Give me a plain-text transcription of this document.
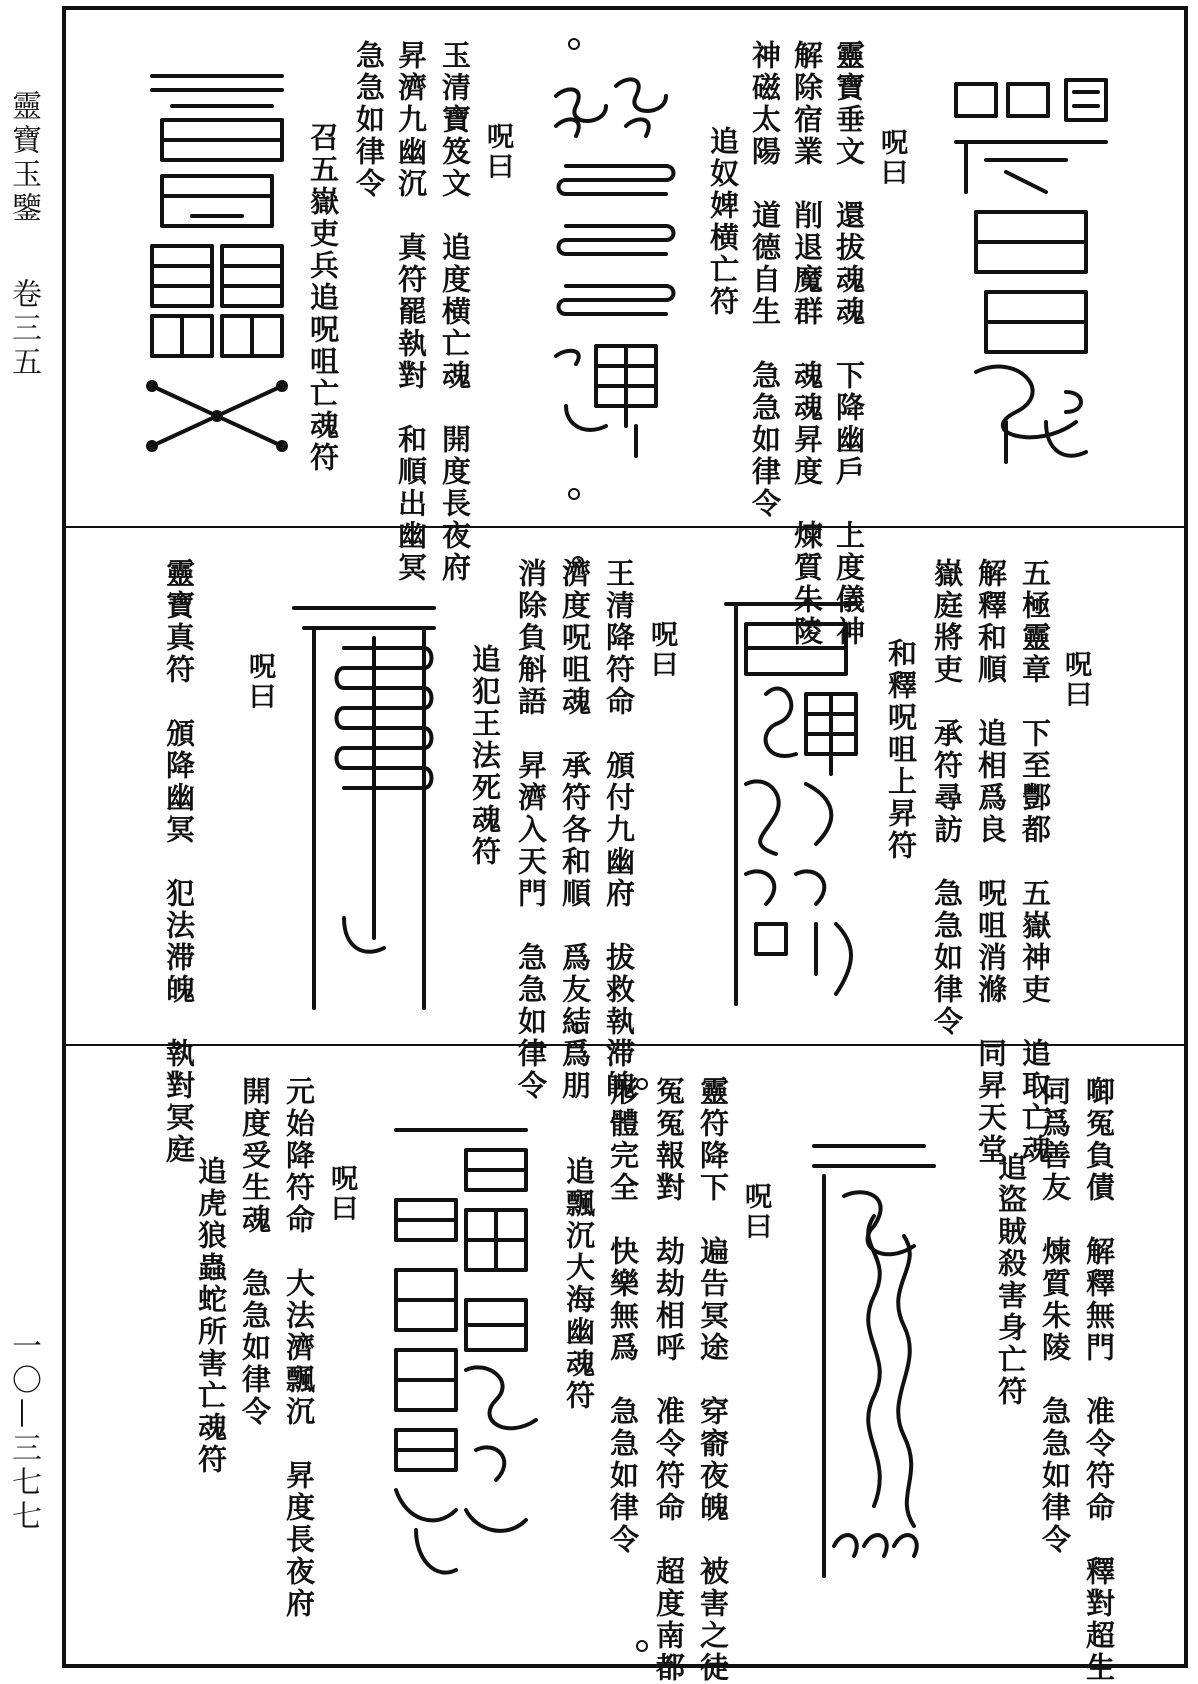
靈寶玉鑒
卷三五
一〇—三七七
呪曰
靈寶垂文　還拔魂魂　下降幽戶　上度儀神
解除宿業　削退魔群　魂魂昇度　煉質朱陵
神磁太陽　道德自生　急急如律令
追奴婢横亡符
呪曰
玉清寶笈文　追度横亡魂　開度長夜府
昇濟九幽沉　真符罷執對　和順出幽冥
急急如律令
召五嶽吏兵追呪咀亡魂符
呪曰
五極靈章　下至酆都　五嶽神吏　追取亡魂
解釋和順　追相爲良　呪咀消滌　同昇天堂
嶽庭將吏　承符尋訪　急急如律令
和釋呪咀上昇符
呪曰
王清降符命　頒付九幽府　拔救執滞魄
濟度呪咀魂　承符各和順　爲友結爲朋
消除負斛語　昇濟入天門　急急如律令
追犯王法死魂符
呪曰
靈寶真符　頒降幽冥　犯法滞魄　執對冥庭
啣冤負債　解釋無門　准令符命　釋對超生
同爲善友　煉質朱陵　急急如律令
追盜賊殺害身亡符
呪曰
靈符降下　遍告冥途　穿窬夜魄　被害之徒
冤冤報對　劫劫相呼　准令符命　超度南都
形體完全　快樂無爲　急急如律令
追飄沉大海幽魂符
呪曰
元始降符命　大法濟飄沉　昇度長夜府
開度受生魂　急急如律令
追虎狼蟲蛇所害亡魂符
